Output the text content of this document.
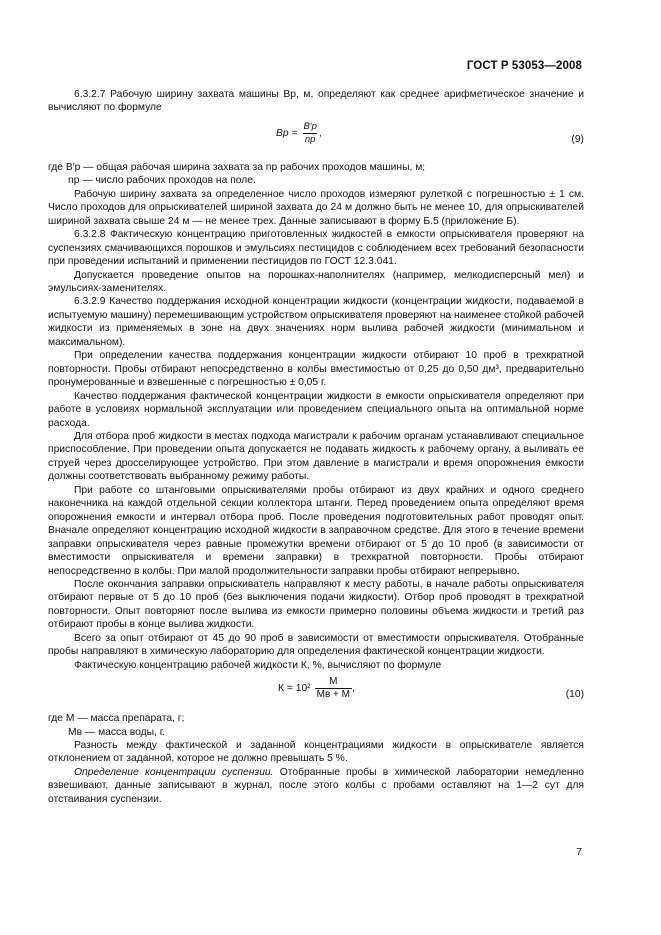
ГОСТ Р 53053—2008

6.3.2.7 Рабочую ширину захвата машины Bр, м, определяют как среднее арифметическое значение и вычисляют по формуле

Bр = $\frac{B'р}{nр}$ ,
(9)

где B′р — общая рабочая ширина захвата за nр рабочих проходов машины, м;

nр — число рабочих проходов на поле.

Рабочую ширину захвата за определенное число проходов измеряют рулеткой с погрешностью ± 1 см. Число проходов для опрыскивателей шириной захвата до 24 м должно быть не менее 10, для опрыскивателей шириной захвата свыше 24 м — не менее трех. Данные записывают в форму Б.5 (приложение Б).

6.3.2.8 Фактическую концентрацию приготовленных жидкостей в емкости опрыскивателя проверяют на суспензиях смачивающихся порошков и эмульсиях пестицидов с соблюдением всех требований безопасности при проведении испытаний и применении пестицидов по ГОСТ 12.3.041.

Допускается проведение опытов на порошках-наполнителях (например, мелкодисперсный мел) и эмульсиях-заменителях.

6.3.2.9 Качество поддержания исходной концентрации жидкости (концентрации жидкости, подаваемой в испытуемую машину) перемешивающим устройством опрыскивателя проверяют на наименее стойкой рабочей жидкости из применяемых в зоне на двух значениях норм вылива рабочей жидкости (минимальном и максимальном).

При определении качества поддержания концентрации жидкости отбирают 10 проб в трехкратной повторности. Пробы отбирают непосредственно в колбы вместимостью от 0,25 до 0,50 дм³, предварительно пронумерованные и взвешенные с погрешностью ± 0,05 г.

Качество поддержания фактической концентрации жидкости в емкости опрыскивателя определяют при работе в условиях нормальной эксплуатации или проведением специального опыта на оптимальной норме расхода.

Для отбора проб жидкости в местах подхода магистрали к рабочим органам устанавливают специальное приспособление. При проведении опыта допускается не подавать жидкость к рабочему органу, а выливать ее струей через дросселирующее устройство. При этом давление в магистрали и время опорожнения емкости должны соответствовать выбранному режиму работы.

При работе со штанговыми опрыскивателями пробы отбирают из двух крайних и одного среднего наконечника на каждой отдельной секции коллектора штанги. Перед проведением опыта определяют время опорожнения емкости и интервал отбора проб. После проведения подготовительных работ проводят опыт. Вначале определяют концентрацию исходной жидкости в заправочном средстве. Для этого в течение времени заправки опрыскивателя через равные промежутки времени отбирают от 5 до 10 проб (в зависимости от вместимости опрыскивателя и времени заправки) в трехкратной повторности. Пробы отбирают непосредственно в колбы. При малой продолжительности заправки пробы отбирают непрерывно.

После окончания заправки опрыскиватель направляют к месту работы, в начале работы опрыскивателя отбирают первые от 5 до 10 проб (без выключения подачи жидкости). Отбор проб проводят в трехкратной повторности. Опыт повторяют после вылива из емкости примерно половины объема жидкости и третий раз отбирают пробы в конце вылива жидкости.

Всего за опыт отбирают от 45 до 90 проб в зависимости от вместимости опрыскивателя. Отобранные пробы направляют в химическую лабораторию для определения фактической концентрации жидкости.

Фактическую концентрацию рабочей жидкости К, %, вычисляют по формуле

$К = 10^2 \frac{М}{Мв + М}$ ,
(10)

где М — масса препарата, г;

Мв — масса воды, г.

Разность между фактической и заданной концентрациями жидкости в опрыскивателе является отклонением от заданной, которое не должно превышать 5 %.

Определение концентрации суспензии. Отобранные пробы в химической лаборатории немедленно взвешивают, данные записывают в журнал, после этого колбы с пробами оставляют на 1—2 сут для отстаивания суспензии.

7
